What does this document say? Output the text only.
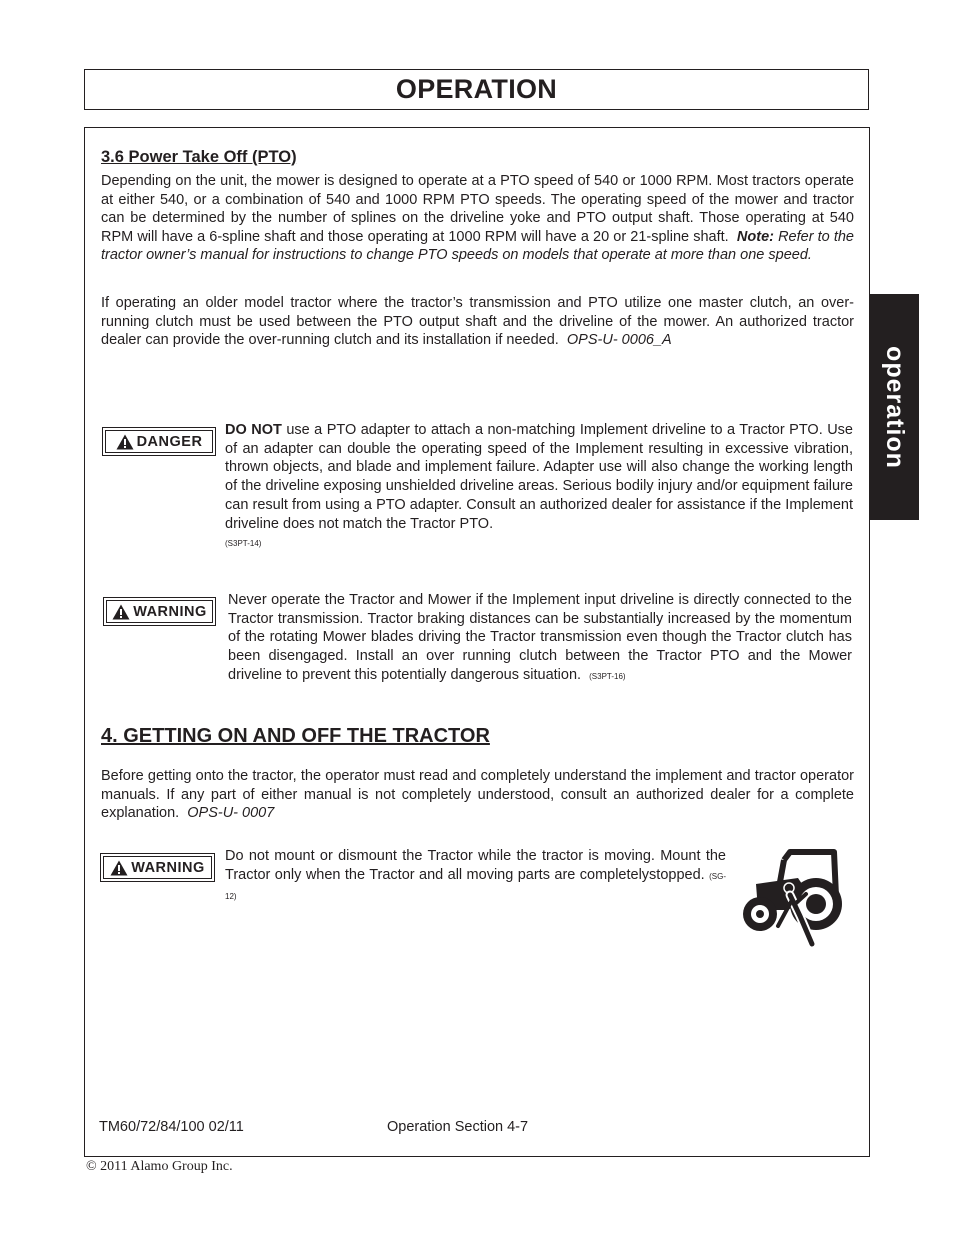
OPERATION
operation
3.6 Power Take Off (PTO)

Depending on the unit, the mower is designed to operate at a PTO speed of 540 or 1000 RPM. Most tractors operate at either 540, or a combination of 540 and 1000 RPM PTO speeds. The operating speed of the mower and tractor can be determined by the number of splines on the driveline yoke and PTO output shaft. Those operating at 540 RPM will have a 6-spline shaft and those operating at 1000 RPM will have a 20 or 21-spline shaft. Note: Refer to the tractor owner’s manual for instructions to change PTO speeds on models that operate at more than one speed.

If operating an older model tractor where the tractor’s transmission and PTO utilize one master clutch, an over-running clutch must be used between the PTO output shaft and the driveline of the mower. An authorized tractor dealer can provide the over-running clutch and its installation if needed. OPS-U- 0006_A

DANGER

DO NOT use a PTO adapter to attach a non-matching Implement driveline to a Tractor PTO. Use of an adapter can double the operating speed of the Implement resulting in excessive vibration, thrown objects, and blade and implement failure. Adapter use will also change the working length of the driveline exposing unshielded driveline areas. Serious bodily injury and/or equipment failure can result from using a PTO adapter. Consult an authorized dealer for assistance if the Implement driveline does not match the Tractor PTO.
(S3PT-14)

WARNING

Never operate the Tractor and Mower if the Implement input driveline is directly connected to the Tractor transmission. Tractor braking distances can be substantially increased by the momentum of the rotating Mower blades driving the Tractor transmission even though the Tractor clutch has been disengaged. Install an over running clutch between the Tractor PTO and the Mower driveline to prevent this potentially dangerous situation. (S3PT-16)

4. GETTING ON AND OFF THE TRACTOR

Before getting onto the tractor, the operator must read and completely understand the implement and tractor operator manuals. If any part of either manual is not completely understood, consult an authorized dealer for a complete explanation. OPS-U- 0007

WARNING

Do not mount or dismount the Tractor while the tractor is moving. Mount the Tractor only when the Tractor and all moving parts are completelystopped. (SG-12)

TM60/72/84/100 02/11	Operation Section 4-7
© 2011 Alamo Group Inc.
